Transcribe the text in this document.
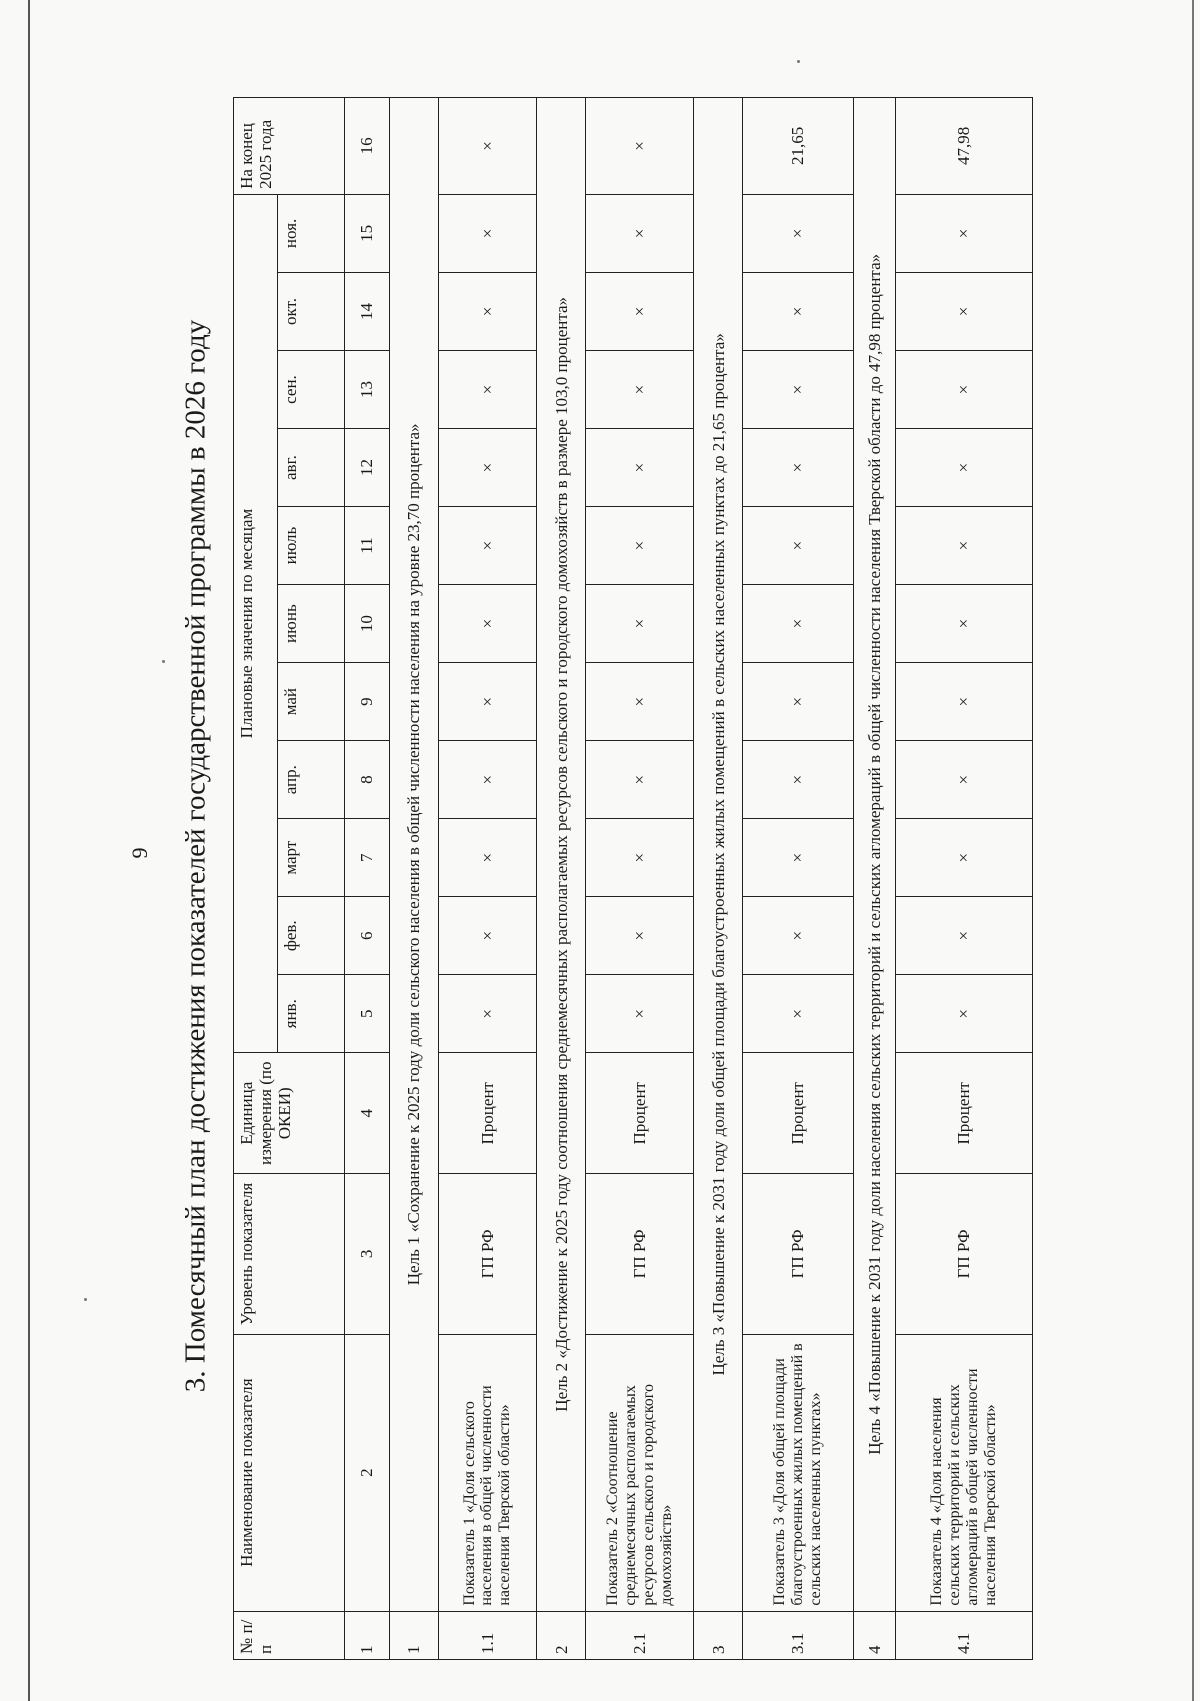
9 3. Помесячный план достижения показателей государственной программы в 2026 году
№ п/п	Наименование показателя	Уровень показателя	Единица измерения (по ОКЕИ)	Плановые значения по месяцам											На конец 2025 года
				янв.	фев.	март	апр.	май	июнь	июль	авг.	сен.	окт.	ноя.	
1	2	3	4	5	6	7	8	9	10	11	12	13	14	15	16
1	Цель 1 «Сохранение к 2025 году доли сельского населения в общей численности населения на уровне 23,70 процента»														
1.1	Показатель 1 «Доля сельского населения в общей численности населения Тверской области»	ГП РФ	Процент	×	×	×	×	×	×	×	×	×	×	×	×
2	Цель 2 «Достижение к 2025 году соотношения среднемесячных располагаемых ресурсов сельского и городского домохозяйств в размере 103,0 процента»														
2.1	Показатель 2 «Соотношение среднемесячных располагаемых ресурсов сельского и городского домохозяйств»	ГП РФ	Процент	×	×	×	×	×	×	×	×	×	×	×	×
3	Цель 3 «Повышение к 2031 году доли общей площади благоустроенных жилых помещений в сельских населенных пунктах до 21,65 процента»														
3.1	Показатель 3 «Доля общей площади благоустроенных жилых помещений в сельских населенных пунктах»	ГП РФ	Процент	×	×	×	×	×	×	×	×	×	×	×	21,65
4	Цель 4 «Повышение к 2031 году доли населения сельских территорий и сельских агломераций в общей численности населения Тверской области до 47,98 процента»														
4.1	Показатель 4 «Доля населения сельских территорий и сельских агломераций в общей численности населения Тверской области»	ГП РФ	Процент	×	×	×	×	×	×	×	×	×	×	×	47,98
